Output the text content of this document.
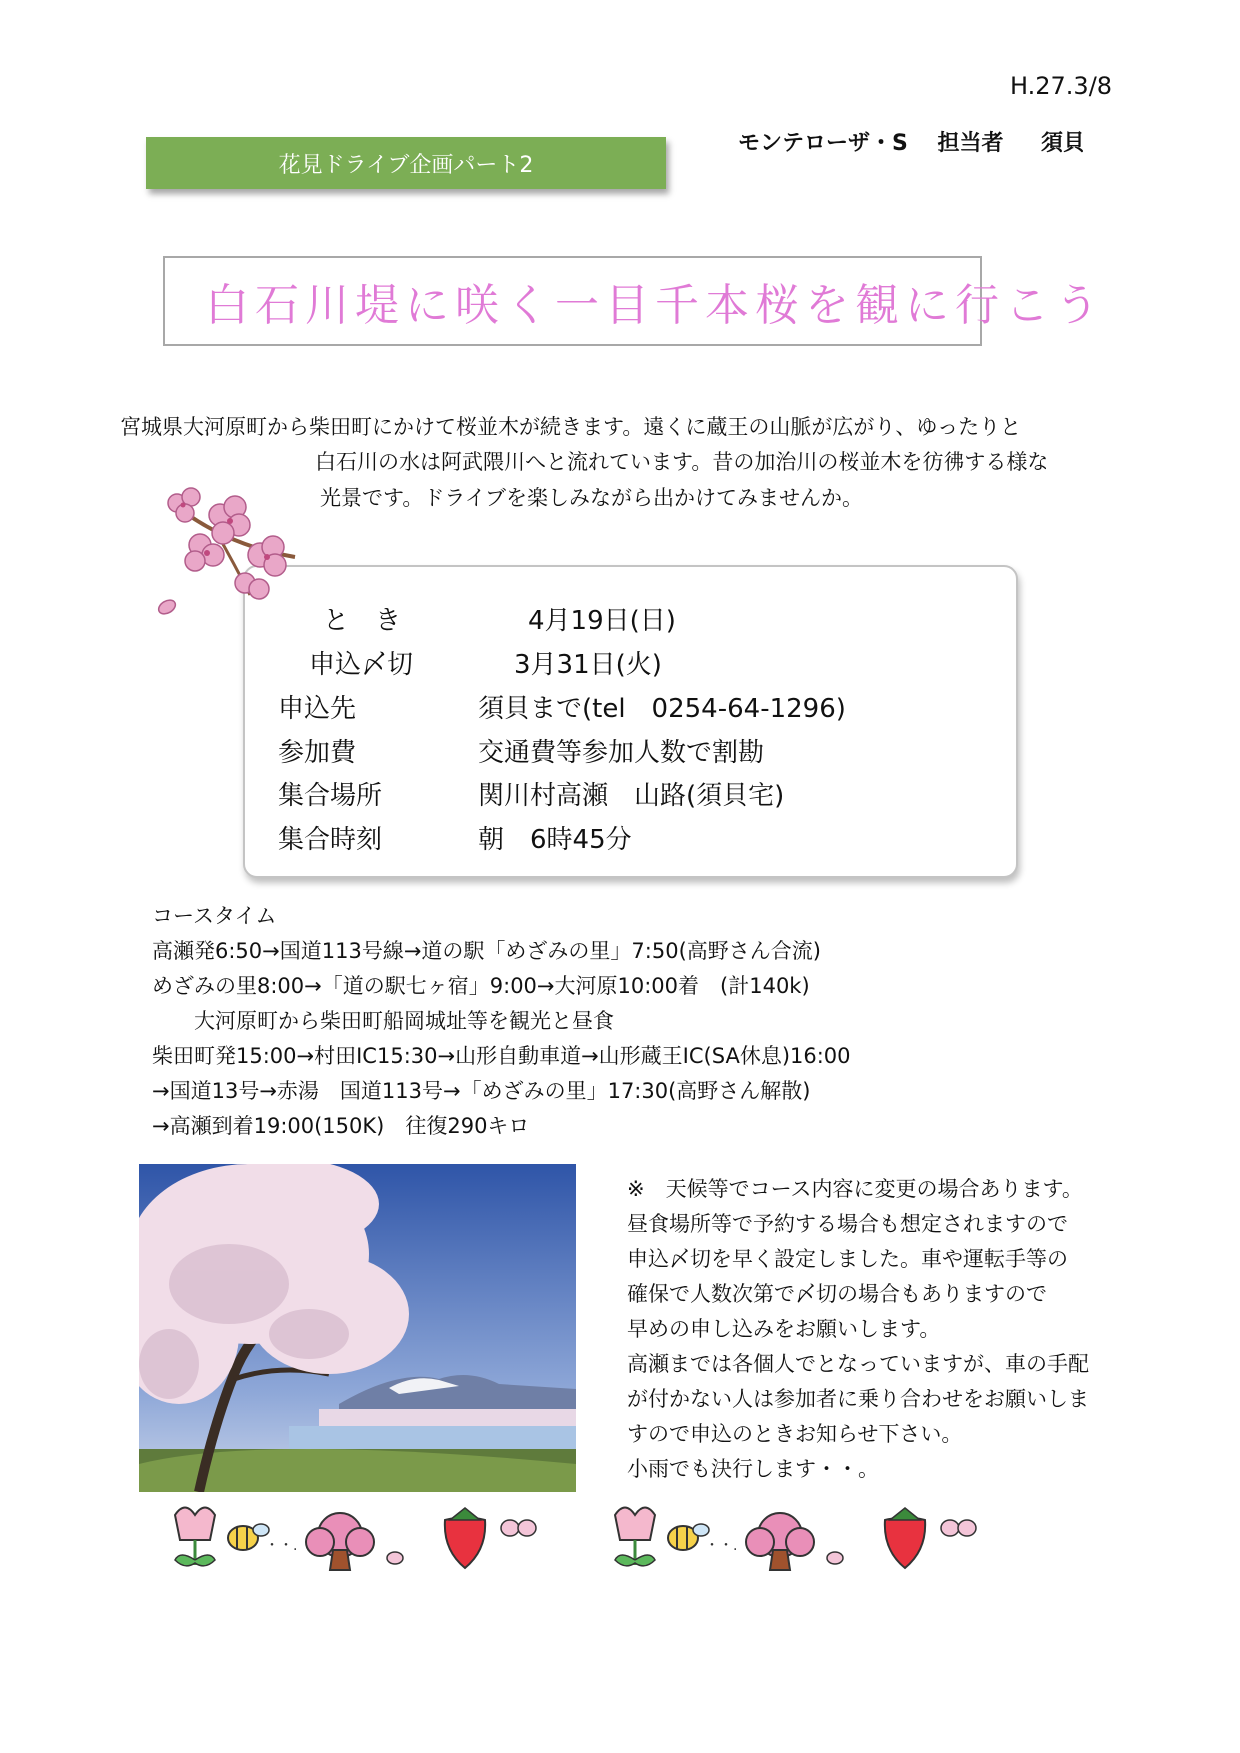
H.27.3/8
モンテローザ・S　 担当者 　 須貝
花見ドライブ企画パート2
白石川堤に咲く一目千本桜を観に行こう
宮城県大河原町から柴田町にかけて桜並木が続きます。遠くに蔵王の山脈が広がり、ゆったりと
白石川の水は阿武隈川へと流れています。昔の加治川の桜並木を彷彿する様な
光景です。ドライブを楽しみながら出かけてみませんか。
と　き	4月19日(日)
申込〆切	3月31日(火)
申込先	須貝まで(tel　0254-64-1296)
参加費	交通費等参加人数で割勘
集合場所	関川村高瀬　山路(須貝宅)
集合時刻	朝　6時45分
コースタイム
高瀬発6:50→国道113号線→道の駅「めざみの里」7:50(高野さん合流)
めざみの里8:00→「道の駅七ヶ宿」9:00→大河原10:00着　(計140k)
　　大河原町から柴田町船岡城址等を観光と昼食
柴田町発15:00→村田IC15:30→山形自動車道→山形蔵王IC(SA休息)16:00
→国道13号→赤湯　国道113号→「めざみの里」17:30(高野さん解散)
→高瀬到着19:00(150K)　往復290キロ
※　天候等でコース内容に変更の場合あります。
昼食場所等で予約する場合も想定されますので
申込〆切を早く設定しました。車や運転手等の
確保で人数次第で〆切の場合もありますので
早めの申し込みをお願いします。
高瀬までは各個人でとなっていますが、車の手配
が付かない人は参加者に乗り合わせをお願いしま
すので申込のときお知らせ下さい。
小雨でも決行します・・。
・・.	・・.
